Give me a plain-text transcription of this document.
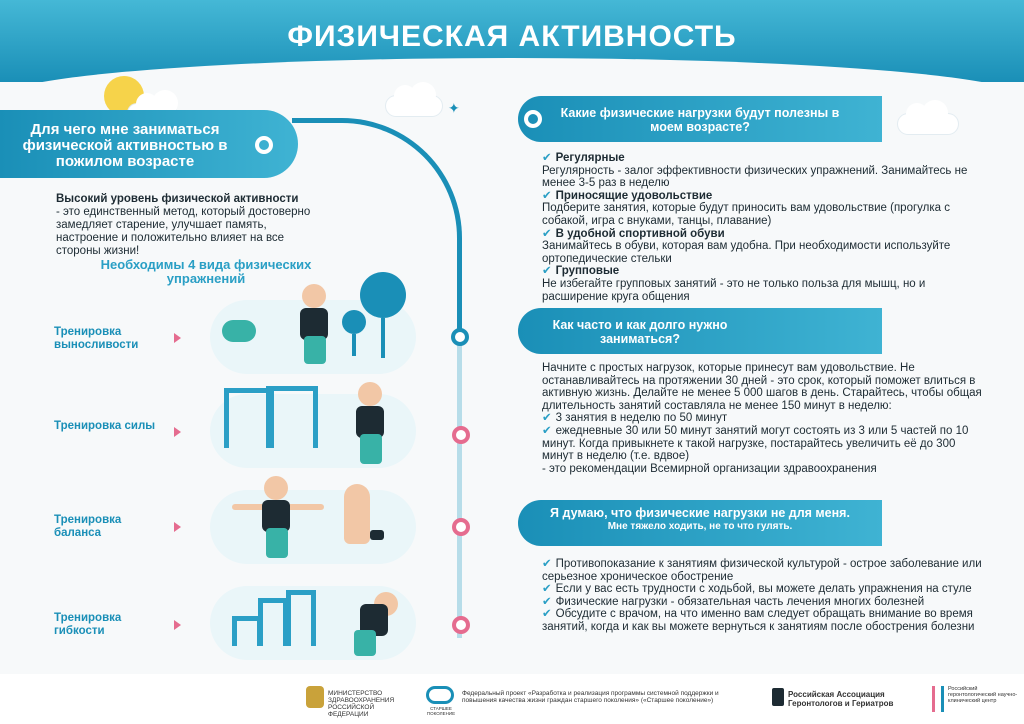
ФИЗИЧЕСКАЯ АКТИВНОСТЬ
✦
Для чего мне заниматься физической активностью в пожилом возрасте
Высокий уровень физической активности
- это единственный метод, который достоверно замедляет старение, улучшает память, настроение и положительно влияет на все стороны жизни!
Необходимы 4 вида физических упражнений
Тренировка выносливости
Тренировка силы
Тренировка баланса
Тренировка гибкости
Какие физические нагрузки будут полезны в моем возрасте?
✔ Регулярные
Регулярность - залог эффективности физических упражнений. Занимайтесь не менее 3-5 раз в неделю
✔ Приносящие удовольствие
Подберите занятия, которые будут приносить вам удовольствие (прогулка с собакой, игра с внуками, танцы, плавание)
✔ В удобной спортивной обуви
Занимайтесь в обуви, которая вам удобна. При необходимости используйте ортопедические стельки
✔ Групповые
Не избегайте групповых занятий - это не только польза для мышц, но и расширение круга общения
Как часто и как долго нужно заниматься?
Начните с простых нагрузок, которые принесут вам удовольствие. Не останавливайтесь на протяжении 30 дней - это срок, который поможет влиться в активную жизнь. Делайте не менее 5 000 шагов в день. Старайтесь, чтобы общая длительность занятий составляла не менее 150 минут в неделю:
✔ 3 занятия в неделю по 50 минут
✔ ежедневные 30 или 50 минут занятий могут состоять из 3 или 5 частей по 10 минут. Когда привыкнете к такой нагрузке, постарайтесь увеличить её до 300 минут в неделю (т.е. вдвое)
- это рекомендации Всемирной организации здравоохранения
Я думаю, что физические нагрузки не для меня.
Мне тяжело ходить, не то что гулять.
✔ Противопоказание к занятиям физической культурой - острое заболевание или серьезное хроническое обострение
✔ Если у вас есть трудности с ходьбой, вы можете делать упражнения на стуле
✔ Физические нагрузки - обязательная часть лечения многих болезней
✔ Обсудите с врачом, на что именно вам следует обращать внимание во время занятий, когда и как вы можете вернуться к занятиям после обострения болезни
МИНИСТЕРСТВО ЗДРАВООХРАНЕНИЯ РОССИЙСКОЙ ФЕДЕРАЦИИ
СТАРШЕЕ ПОКОЛЕНИЕ
Федеральный проект «Разработка и реализация программы системной поддержки и повышения качества жизни граждан старшего поколения» («Старшее поколение»)
Российская Ассоциация Геронтологов и Гериатров
Российский геронтологический научно-клинический центр
